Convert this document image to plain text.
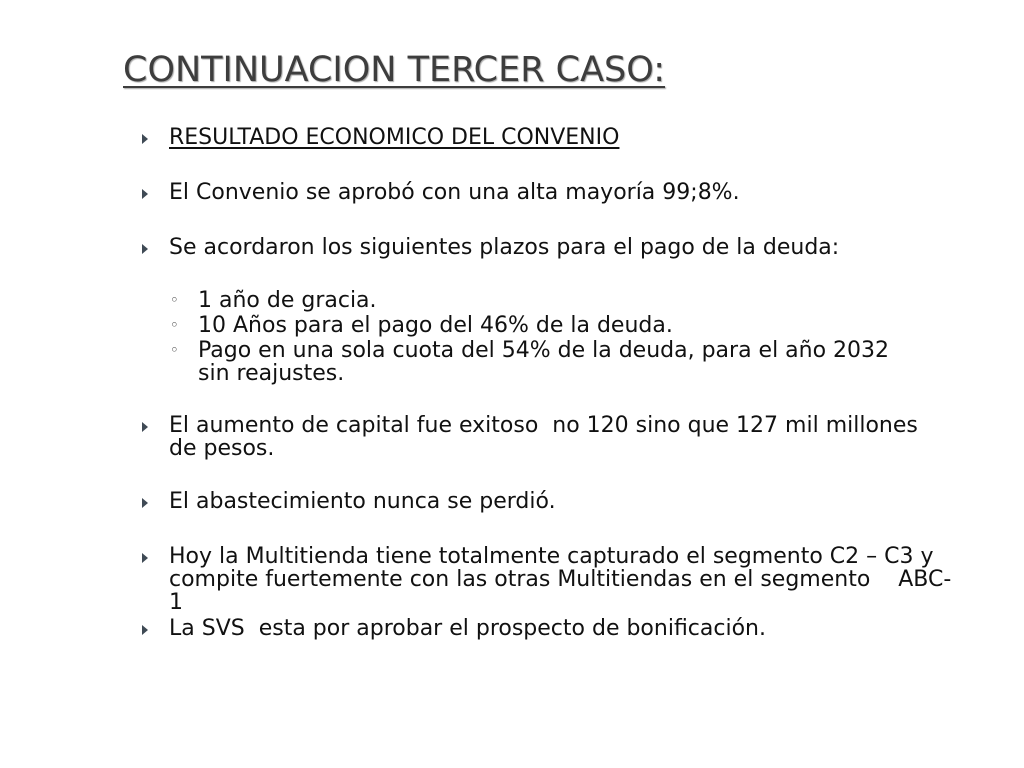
CONTINUACION TERCER CASO:
RESULTADO ECONOMICO DEL CONVENIO
El Convenio se aprobó con una alta mayoría 99;8%.
Se acordaron los siguientes plazos para el pago de la deuda:
◦ 1 año de gracia.
◦ 10 Años para el pago del 46% de la deuda.
◦ Pago en una sola cuota del 54% de la deuda, para el año 2032 sin reajustes.
El aumento de capital fue exitoso  no 120 sino que 127 mil millones de pesos.
El abastecimiento nunca se perdió.
Hoy la Multitienda tiene totalmente capturado el segmento C2 – C3 y compite fuertemente con las otras Multitiendas en el segmento    ABC-1
La SVS  esta por aprobar el prospecto de bonificación.
